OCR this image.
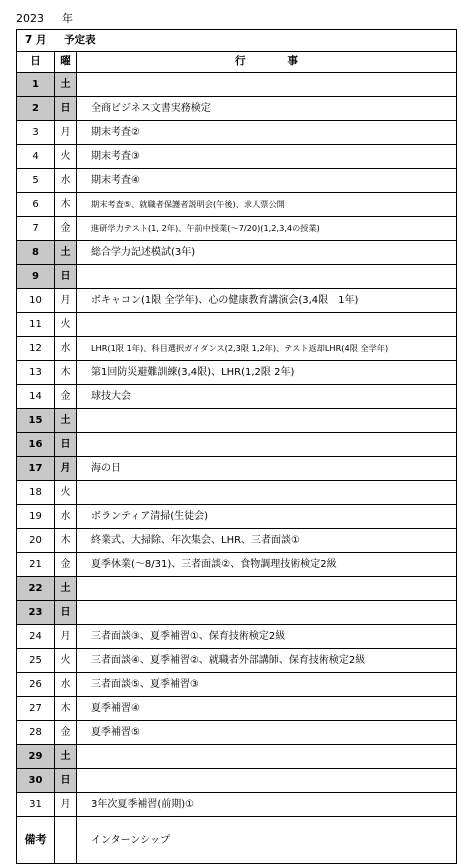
2023 年
7 月 予定表		
日	曜	行 事
1	土	
2	日	全商ビジネス文書実務検定
3	月	期末考査②
4	火	期末考査③
5	水	期末考査④
6	木	期末考査⑤、就職者保護者説明会(午後)、求人票公開
7	金	進研学力テスト(1, 2年)、午前中授業(～7/20)(1,2,3,4の授業)
8	土	総合学力記述模試(3年)
9	日	
10	月	ボキャコン(1限 全学年)、心の健康教育講演会(3,4限　1年)
11	火	
12	水	LHR(1限 1年)、科目選択ガイダンス(2,3限 1,2年)、テスト返却LHR(4限 全学年)
13	木	第1回防災避難訓練(3,4限)、LHR(1,2限 2年)
14	金	球技大会
15	土	
16	日	
17	月	海の日
18	火	
19	水	ボランティア清掃(生徒会)
20	木	終業式、大掃除、年次集会、LHR、三者面談①
21	金	夏季休業(～8/31)、三者面談②、食物調理技術検定2級
22	土	
23	日	
24	月	三者面談③、夏季補習①、保育技術検定2級
25	火	三者面談④、夏季補習②、就職者外部講師、保育技術検定2級
26	水	三者面談⑤、夏季補習③
27	木	夏季補習④
28	金	夏季補習⑤
29	土	
30	日	
31	月	3年次夏季補習(前期)①
備考		インターンシップ
